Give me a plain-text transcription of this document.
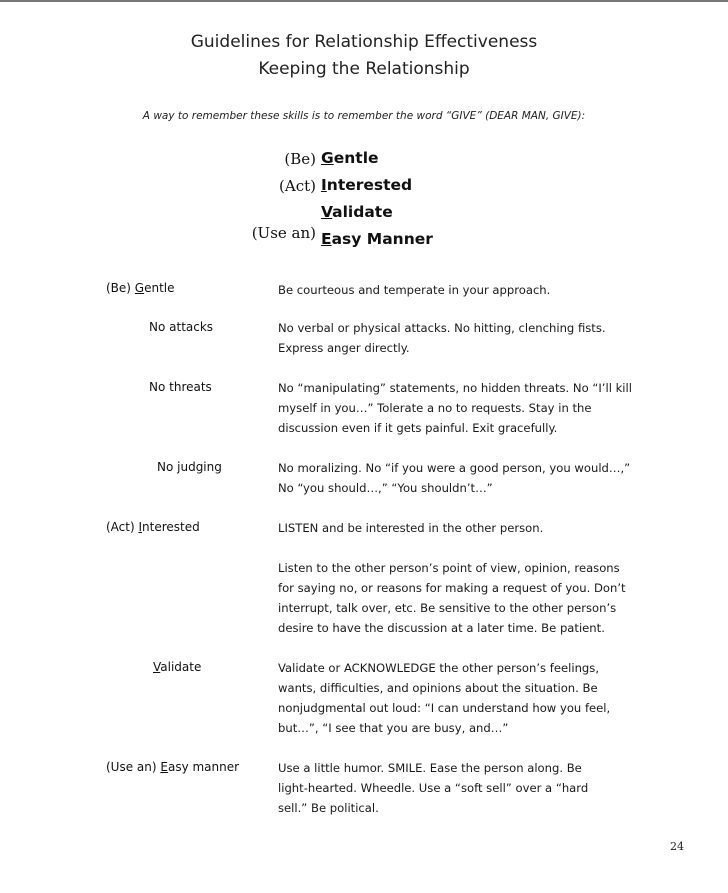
Guidelines for Relationship Effectiveness
Keeping the Relationship
A way to remember these skills is to remember the word “GIVE” (DEAR MAN, GIVE):
(Be) Gentle
(Act) Interested
Validate
(Use an) Easy Manner
(Be) Gentle	Be courteous and temperate in your approach.

No attacks	No verbal or physical attacks. No hitting, clenching fists.

Express anger directly.

No threats	No “manipulating” statements, no hidden threats. No “I’ll kill

myself in you…” Tolerate a no to requests. Stay in the

discussion even if it gets painful. Exit gracefully.

No judging	No moralizing. No “if you were a good person, you would…,”

No “you should…,” “You shouldn’t…”

(Act) Interested	LISTEN and be interested in the other person.

Listen to the other person’s point of view, opinion, reasons

for saying no, or reasons for making a request of you. Don’t

interrupt, talk over, etc. Be sensitive to the other person’s

desire to have the discussion at a later time. Be patient.

Validate	Validate or ACKNOWLEDGE the other person’s feelings,

wants, difficulties, and opinions about the situation. Be

nonjudgmental out loud: “I can understand how you feel,

but…”, “I see that you are busy, and…”

(Use an) Easy manner	Use a little humor. SMILE. Ease the person along. Be

light-hearted. Wheedle. Use a “soft sell” over a “hard

sell.” Be political.

24
